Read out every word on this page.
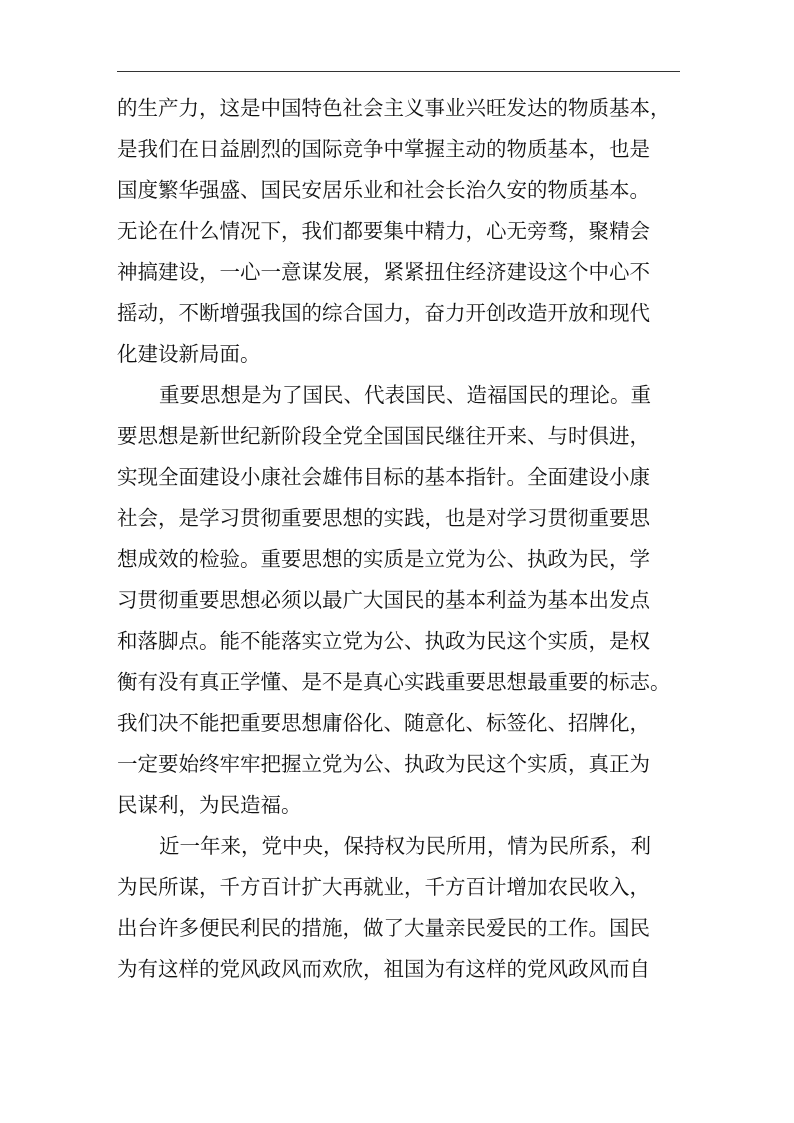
的生产力，这是中国特色社会主义事业兴旺发达的物质基本，
是我们在日益剧烈的国际竞争中掌握主动的物质基本，也是
国度繁华强盛、国民安居乐业和社会长治久安的物质基本。
无论在什么情况下，我们都要集中精力，心无旁骛，聚精会
神搞建设，一心一意谋发展，紧紧扭住经济建设这个中心不
摇动，不断增强我国的综合国力，奋力开创改造开放和现代
化建设新局面。
重要思想是为了国民、代表国民、造福国民的理论。重
要思想是新世纪新阶段全党全国国民继往开来、与时俱进，
实现全面建设小康社会雄伟目标的基本指针。全面建设小康
社会，是学习贯彻重要思想的实践，也是对学习贯彻重要思
想成效的检验。重要思想的实质是立党为公、执政为民，学
习贯彻重要思想必须以最广大国民的基本利益为基本出发点
和落脚点。能不能落实立党为公、执政为民这个实质，是权
衡有没有真正学懂、是不是真心实践重要思想最重要的标志。
我们决不能把重要思想庸俗化、随意化、标签化、招牌化，
一定要始终牢牢把握立党为公、执政为民这个实质，真正为
民谋利，为民造福。
近一年来，党中央，保持权为民所用，情为民所系，利
为民所谋，千方百计扩大再就业，千方百计增加农民收入，
出台许多便民利民的措施，做了大量亲民爱民的工作。国民
为有这样的党风政风而欢欣，祖国为有这样的党风政风而自
